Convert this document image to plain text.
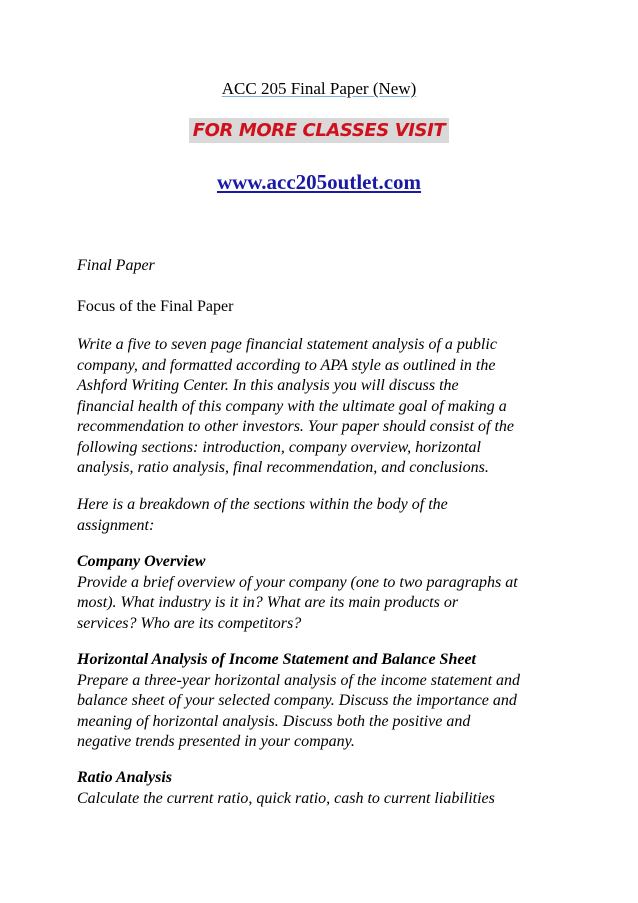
ACC 205 Final Paper (New)
FOR MORE CLASSES VISIT
www.acc205outlet.com
Final Paper
Focus of the Final Paper
Write a five to seven page financial statement analysis of a public
company, and formatted according to APA style as outlined in the
Ashford Writing Center. In this analysis you will discuss the
financial health of this company with the ultimate goal of making a
recommendation to other investors. Your paper should consist of the
following sections: introduction, company overview, horizontal
analysis, ratio analysis, final recommendation, and conclusions.
Here is a breakdown of the sections within the body of the
assignment:
Company Overview
Provide a brief overview of your company (one to two paragraphs at
most). What industry is it in? What are its main products or
services? Who are its competitors?
Horizontal Analysis of Income Statement and Balance Sheet
Prepare a three-year horizontal analysis of the income statement and
balance sheet of your selected company. Discuss the importance and
meaning of horizontal analysis. Discuss both the positive and
negative trends presented in your company.
Ratio Analysis
Calculate the current ratio, quick ratio, cash to current liabilities
